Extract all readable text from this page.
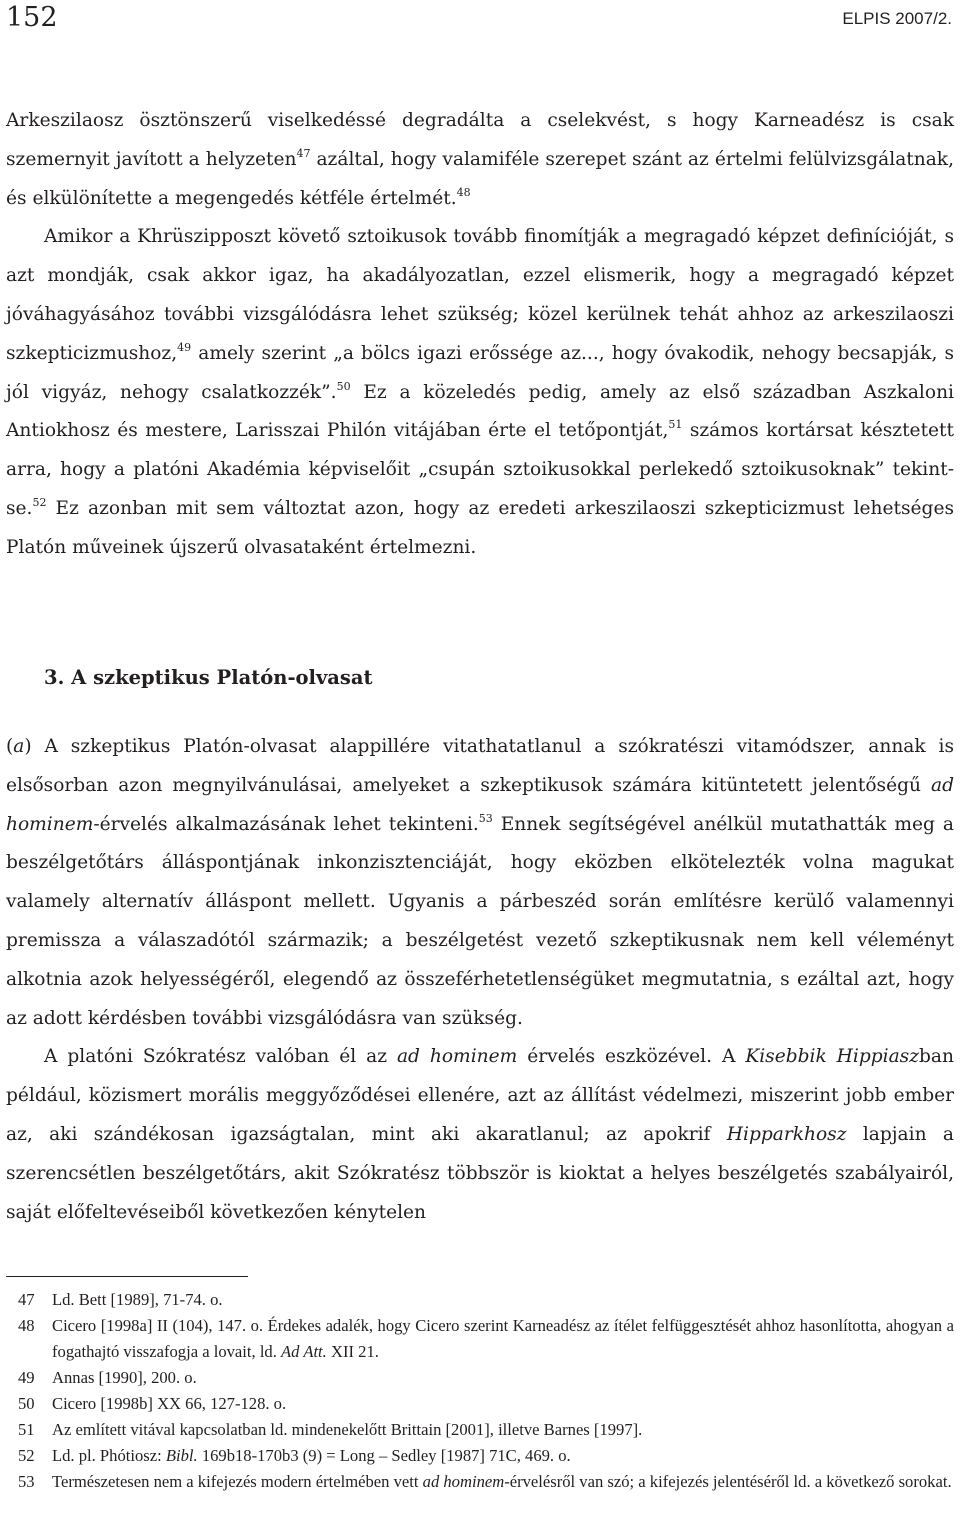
152	ELPIS 2007/2.
Arkeszilaosz ösztönszerű viselkedéssé degradálta a cselekvést, s hogy Karneadész is csak szemernyit javított a helyzeten$^{47}$ azáltal, hogy valamiféle szerepet szánt az értelmi felülvizsgálatnak, és elkülönítette a megengedés kétféle értelmét.$^{48}$
Amikor a Khrüszipposzt követő sztoikusok tovább finomítják a megragadó képzet definícióját, s azt mondják, csak akkor igaz, ha akadályozatlan, ezzel elismerik, hogy a megragadó képzet jóváhagyásához további vizsgálódásra lehet szükség; közel kerülnek tehát ahhoz az arkeszilaoszi szkepticizmushoz,$^{49}$ amely szerint „a bölcs igazi erőssége az..., hogy óvakodik, nehogy becsapják, s jól vigyáz, nehogy csalatkozzék”.$^{50}$ Ez a közeledés pedig, amely az első században Aszkaloni Antiokhosz és mestere, Larisszai Philón vitájában érte el tetőpontját,$^{51}$ számos kortársat késztetett arra, hogy a platóni Akadémia képviselőit „csupán sztoikusokkal perlekedő sztoikusoknak” tekintse.$^{52}$ Ez azonban mit sem változtat azon, hogy az eredeti arkeszilaoszi szkepticizmust lehetséges Platón műveinek újszerű olvasataként értelmezni.
3. A szkeptikus Platón-olvasat
(a) A szkeptikus Platón-olvasat alappillére vitathatatlanul a szókratészi vitamódszer, annak is elsősorban azon megnyilvánulásai, amelyeket a szkeptikusok számára kitüntetett jelentőségű ad hominem-érvelés alkalmazásának lehet tekinteni.$^{53}$ Ennek segítségével anélkül mutathatták meg a beszélgetőtárs álláspontjának inkonzisztenciáját, hogy eközben elkötelezték volna magukat valamely alternatív álláspont mellett. Ugyanis a párbeszéd során említésre kerülő valamennyi premissza a válaszadótól származik; a beszélgetést vezető szkeptikusnak nem kell véleményt alkotnia azok helyességéről, elegendő az összeférhetetlenségüket megmutatnia, s ezáltal azt, hogy az adott kérdésben további vizsgálódásra van szükség.
A platóni Szókratész valóban él az ad hominem érvelés eszközével. A Kisebbik Hippiaszban például, közismert morális meggyőződései ellenére, azt az állítást védelmezi, miszerint jobb ember az, aki szándékosan igazságtalan, mint aki akaratlanul; az apokrif Hipparkhosz lapjain a szerencsétlen beszélgetőtárs, akit Szókratész többször is kioktat a helyes beszélgetés szabályairól, saját előfeltevéseiből következően kénytelen
47	Ld. Bett [1989], 71-74. o.
48	Cicero [1998a] II (104), 147. o. Érdekes adalék, hogy Cicero szerint Karneadész az ítélet felfüggesztését ahhoz hasonlította, ahogyan a fogathajtó visszafogja a lovait, ld. Ad Att. XII 21.
49	Annas [1990], 200. o.
50	Cicero [1998b] XX 66, 127-128. o.
51	Az említett vitával kapcsolatban ld. mindenekelőtt Brittain [2001], illetve Barnes [1997].
52	Ld. pl. Phótiosz: Bibl. 169b18-170b3 (9) = Long – Sedley [1987] 71C, 469. o.
53	Természetesen nem a kifejezés modern értelmében vett ad hominem-érvelésről van szó; a kifejezés jelentéséről ld. a következő sorokat.
